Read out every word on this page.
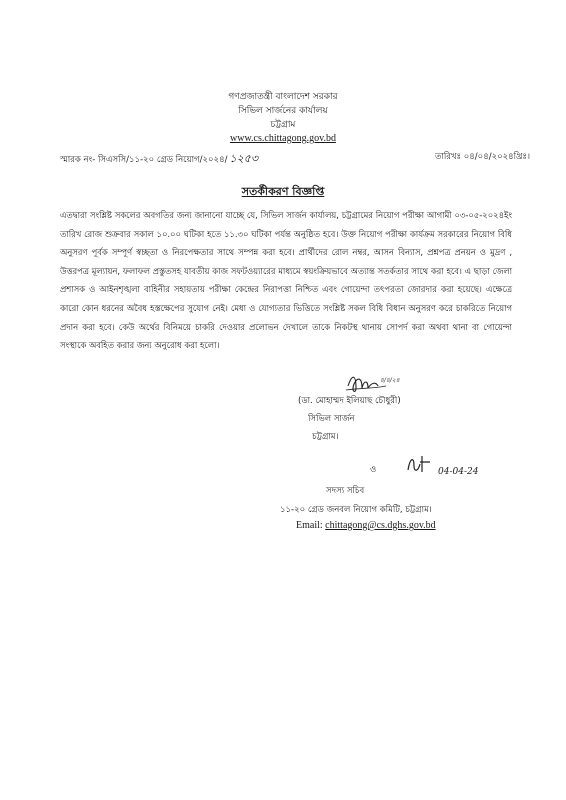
গণপ্রজাতন্ত্রী বাংলাদেশ সরকার
সিভিল সার্জনের কার্যালয়
চট্টগ্রাম
www.cs.chittagong.gov.bd
স্মারক নং- সিএসসি/১১-২০ গ্রেড নিয়োগ/২০২৪/ ১২৫৩	তারিখঃ ০৪/০৪/২০২৪খ্রিঃ।
সতর্কীকরণ বিজ্ঞপ্তি
এতদ্বারা সংশ্লিষ্ট সকলের অবগতির জন্য জানানো যাচ্ছে যে, সিভিল সার্জন কার্যালয়, চট্টগ্রামের নিয়োগ পরীক্ষা আগামী ০৩-০৫-২০২৪ইং তারিখ রোজ শুক্রবার সকাল ১০.০০ ঘটিকা হতে ১১.৩০ ঘটিকা পর্যন্ত অনুষ্ঠিত হবে। উক্ত নিয়োগ পরীক্ষা কার্যক্রম সরকারের নিয়োগ বিধি অনুসরণ পূর্বক সম্পূর্ণ স্বচ্ছতা ও নিরপেক্ষতার সাথে সম্পন্ন করা হবে। প্রার্থীদের রোল নম্বর, আসন বিন্যাস, প্রশ্নপত্র প্রনয়ন ও মুদ্রণ , উত্তরপত্র মূল্যায়ন, ফলাফল প্রস্তুতসহ যাবতীয় কাজ সফটওয়্যারের মাধ্যমে স্বয়ংক্রিয়ভাবে অত্যান্ত সতর্কতার সাথে করা হবে। এ ছাড়া জেলা প্রশাসক ও আইনশৃঙ্খলা বাহিনীর সহায়তায় পরীক্ষা কেন্দ্রের নিরাপত্তা নিশ্চিত এবং গোয়েন্দা তৎপরতা জোরদার করা হয়েছে। এক্ষেত্রে কারো কোন ধরনের অবৈধ হস্তক্ষেপের সুযোগ নেই। মেধা ও যোগ্যতার ভিত্তিতে সংশ্লিষ্ট সকল বিধি বিধান অনুসরণ করে চাকরিতে নিয়োগ প্রদান করা হবে। কেউ অর্থের বিনিময়ে চাকরি দেওয়ার প্রলোভন দেখালে তাকে নিকটস্থ থানায় সোপর্দ করা অথবা থানা বা গোয়েন্দা সংস্থাকে অবহিত করার জন্য অনুরোধ করা হলো।
৪/৪/২৪
(ডা. মোহাম্মদ ইলিয়াছ চৌধুরী)
সিভিল সার্জন
চট্টগ্রাম।
04-04-24
ও
সদস্য সচিব
১১-২০ গ্রেড জনবল নিয়োগ কমিটি, চট্টগ্রাম।
Email: chittagong@cs.dghs.gov.bd
